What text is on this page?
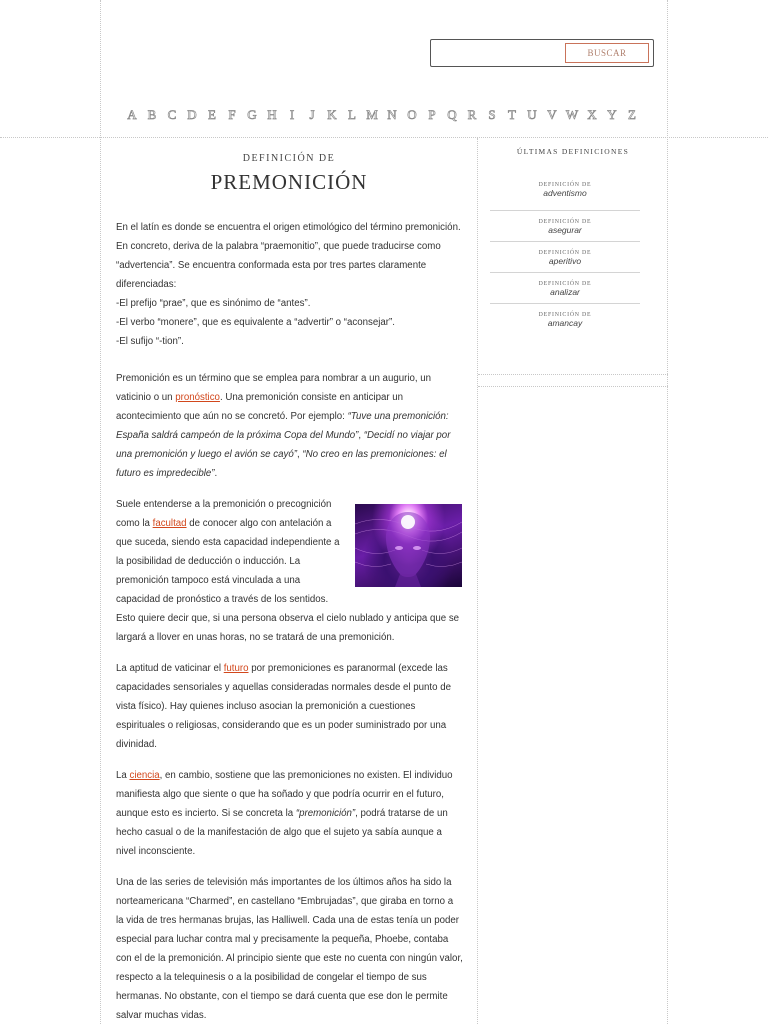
BUSCAR
A B C D E F G H	I	J K L M N O P Q R S T U V W X Y Z
DEFINICIÓN DE
PREMONICIÓN

En el latín es donde se encuentra el origen etimológico del término premonición. En concreto, deriva de la palabra “praemonitio”, que puede traducirse como “advertencia”. Se encuentra conformada esta por tres partes claramente diferenciadas:
-El prefijo “prae”, que es sinónimo de “antes”.
-El verbo “monere”, que es equivalente a “advertir” o “aconsejar”.
-El sufijo “-tion”.

Premonición es un término que se emplea para nombrar a un augurio, un vaticinio o un pronóstico. Una premonición consiste en anticipar un acontecimiento que aún no se concretó. Por ejemplo: “Tuve una premonición: España saldrá campeón de la próxima Copa del Mundo”, “Decidí no viajar por una premonición y luego el avión se cayó”, “No creo en las premoniciones: el futuro es impredecible”.

Suele entenderse a la premonición o precognición como la facultad de conocer algo con antelación a que suceda, siendo esta capacidad independiente a la posibilidad de deducción o inducción. La premonición tampoco está vinculada a una capacidad de pronóstico a través de los sentidos. Esto quiere decir que, si una persona observa el cielo nublado y anticipa que se largará a llover en unas horas, no se tratará de una premonición.

La aptitud de vaticinar el futuro por premoniciones es paranormal (excede las capacidades sensoriales y aquellas consideradas normales desde el punto de vista físico). Hay quienes incluso asocian la premonición a cuestiones espirituales o religiosas, considerando que es un poder suministrado por una divinidad.

La ciencia, en cambio, sostiene que las premoniciones no existen. El individuo manifiesta algo que siente o que ha soñado y que podría ocurrir en el futuro, aunque esto es incierto. Si se concreta la “premonición”, podrá tratarse de un hecho casual o de la manifestación de algo que el sujeto ya sabía aunque a nivel inconsciente.

Una de las series de televisión más importantes de los últimos años ha sido la norteamericana “Charmed”, en castellano “Embrujadas”, que giraba en torno a la vida de tres hermanas brujas, las Halliwell. Cada una de estas tenía un poder especial para luchar contra mal y precisamente la pequeña, Phoebe, contaba con el de la premonición. Al principio siente que este no cuenta con ningún valor, respecto a la telequinesis o a la posibilidad de congelar el tiempo de sus hermanas. No obstante, con el tiempo se dará cuenta que ese don le permite salvar muchas vidas.

ÚLTIMAS DEFINICIONES
DEFINICIÓN DE
adventismo
DEFINICIÓN DE
asegurar
DEFINICIÓN DE
aperitivo
DEFINICIÓN DE
analizar
DEFINICIÓN DE
amancay
